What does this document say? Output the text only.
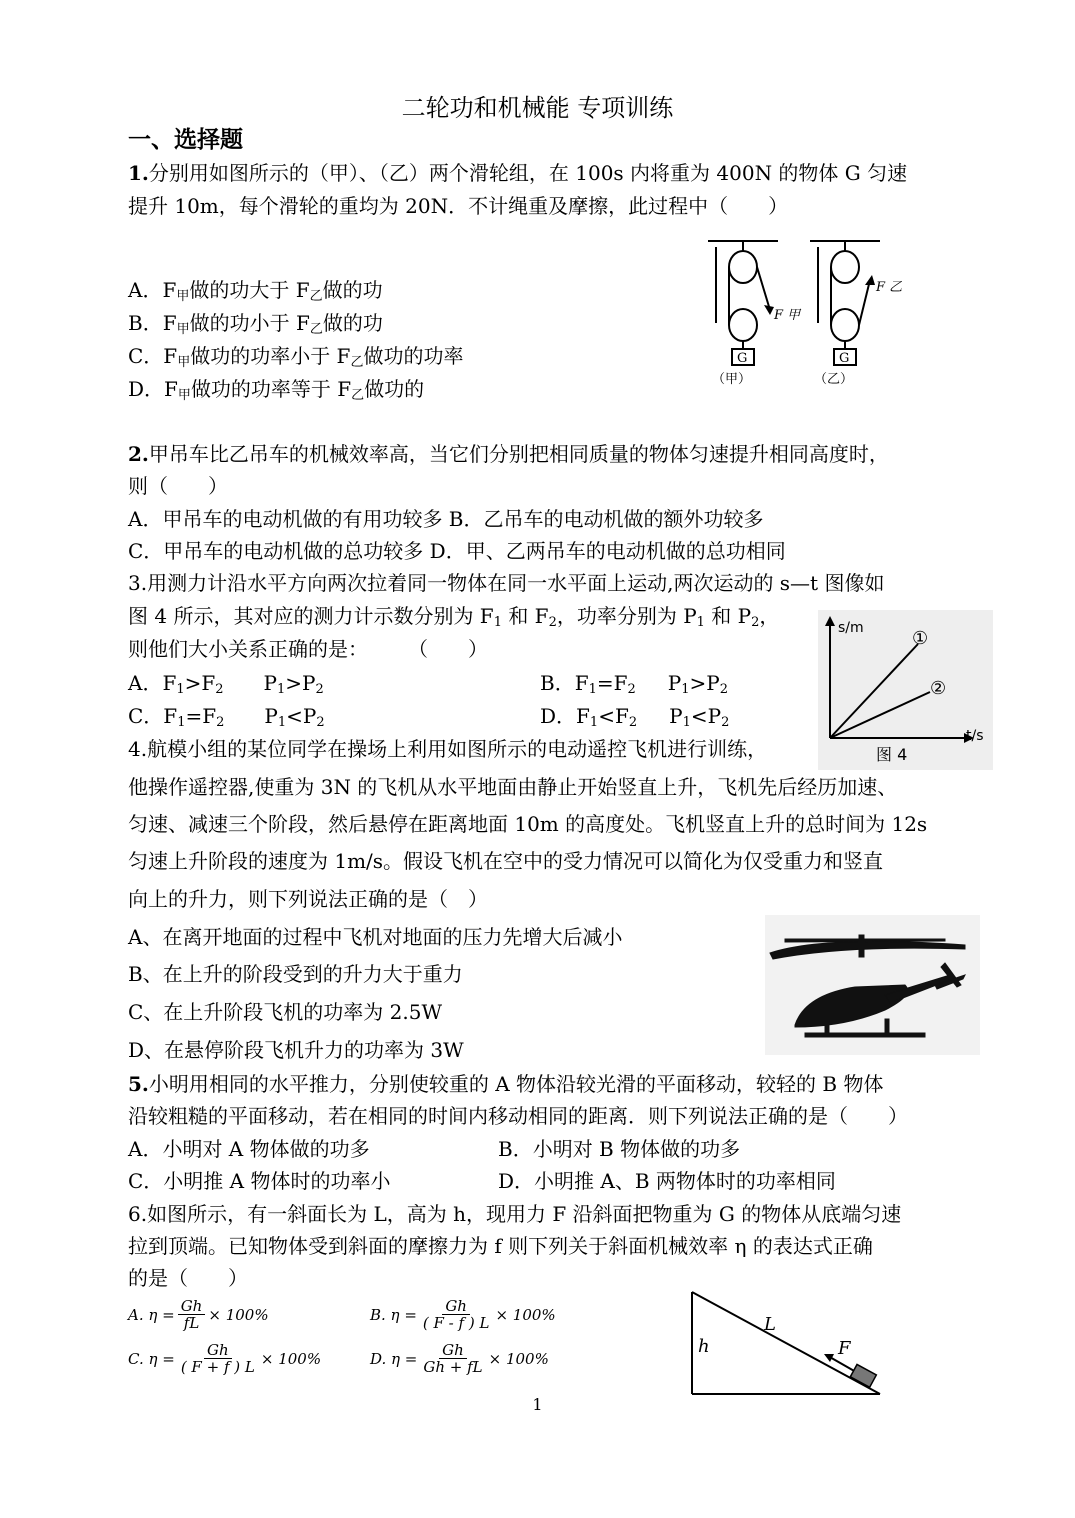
二轮功和机械能 专项训练
一、选择题
1.分别用如图所示的（甲）、（乙）两个滑轮组，在 100s 内将重为 400N 的物体 G 匀速
提升 10m，每个滑轮的重均为 20N．不计绳重及摩擦，此过程中（　　）
A．$F_甲$做的功大于 $F_乙$做的功
B．$F_甲$做的功小于 $F_乙$做的功
C．$F_甲$做功的功率小于 $F_乙$做功的功率
D．$F_甲$做功的功率等于 $F_乙$做功的
G	G
（甲）	（乙）
F 甲
F 乙
2.甲吊车比乙吊车的机械效率高，当它们分别把相同质量的物体匀速提升相同高度时，
则（　　）
A．甲吊车的电动机做的有用功较多 B．乙吊车的电动机做的额外功较多
C．甲吊车的电动机做的总功较多 D．甲、乙两吊车的电动机做的总功相同
3.用测力计沿水平方向两次拉着同一物体在同一水平面上运动,两次运动的 s—t 图像如
图 4 所示，其对应的测力计示数分别为 $F_1$ 和 $F_2$，功率分别为 $P_1$ 和 $P_2$，
则他们大小关系正确的是：　　　（　　）
A．$F_1>F_2$ $P_1>P_2$	B．$F_1=F_2$ $P_1>P_2$
C．$F_1=F_2$ $P_1<P_2$	D．$F_1<F_2$ $P_1<P_2$
s/m
t/s
①
②
图 4
4.航模小组的某位同学在操场上利用如图所示的电动遥控飞机进行训练，
他操作遥控器,使重为 3N 的飞机从水平地面由静止开始竖直上升，飞机先后经历加速、
匀速、减速三个阶段，然后悬停在距离地面 10m 的高度处。飞机竖直上升的总时间为 12s
匀速上升阶段的速度为 1m/s。假设飞机在空中的受力情况可以简化为仅受重力和竖直
向上的升力，则下列说法正确的是（　）
A、在离开地面的过程中飞机对地面的压力先增大后减小
B、在上升的阶段受到的升力大于重力
C、在上升阶段飞机的功率为 2.5W
D、在悬停阶段飞机升力的功率为 3W
5.小明用相同的水平推力，分别使较重的 A 物体沿较光滑的平面移动，较轻的 B 物体
沿较粗糙的平面移动，若在相同的时间内移动相同的距离．则下列说法正确的是（　　）
A．小明对 A 物体做的功多	B．小明对 B 物体做的功多
C．小明推 A 物体时的功率小	D．小明推 A、B 两物体时的功率相同
6.如图所示，有一斜面长为 L，高为 h，现用力 F 沿斜面把物重为 G 的物体从底端匀速
拉到顶端。已知物体受到斜面的摩擦力为 f 则下列关于斜面机械效率 η 的表达式正确
的是（　　）
A. $\eta = \frac{Gh}{fL} \times 100\%$	B. $\eta = \frac{Gh}{( F - f ) L} \times 100\%$
C. $\eta = \frac{Gh}{( F + f ) L} \times 100\%$	D. $\eta = \frac{Gh}{Gh + fL} \times 100\%$
h
L
F
1
